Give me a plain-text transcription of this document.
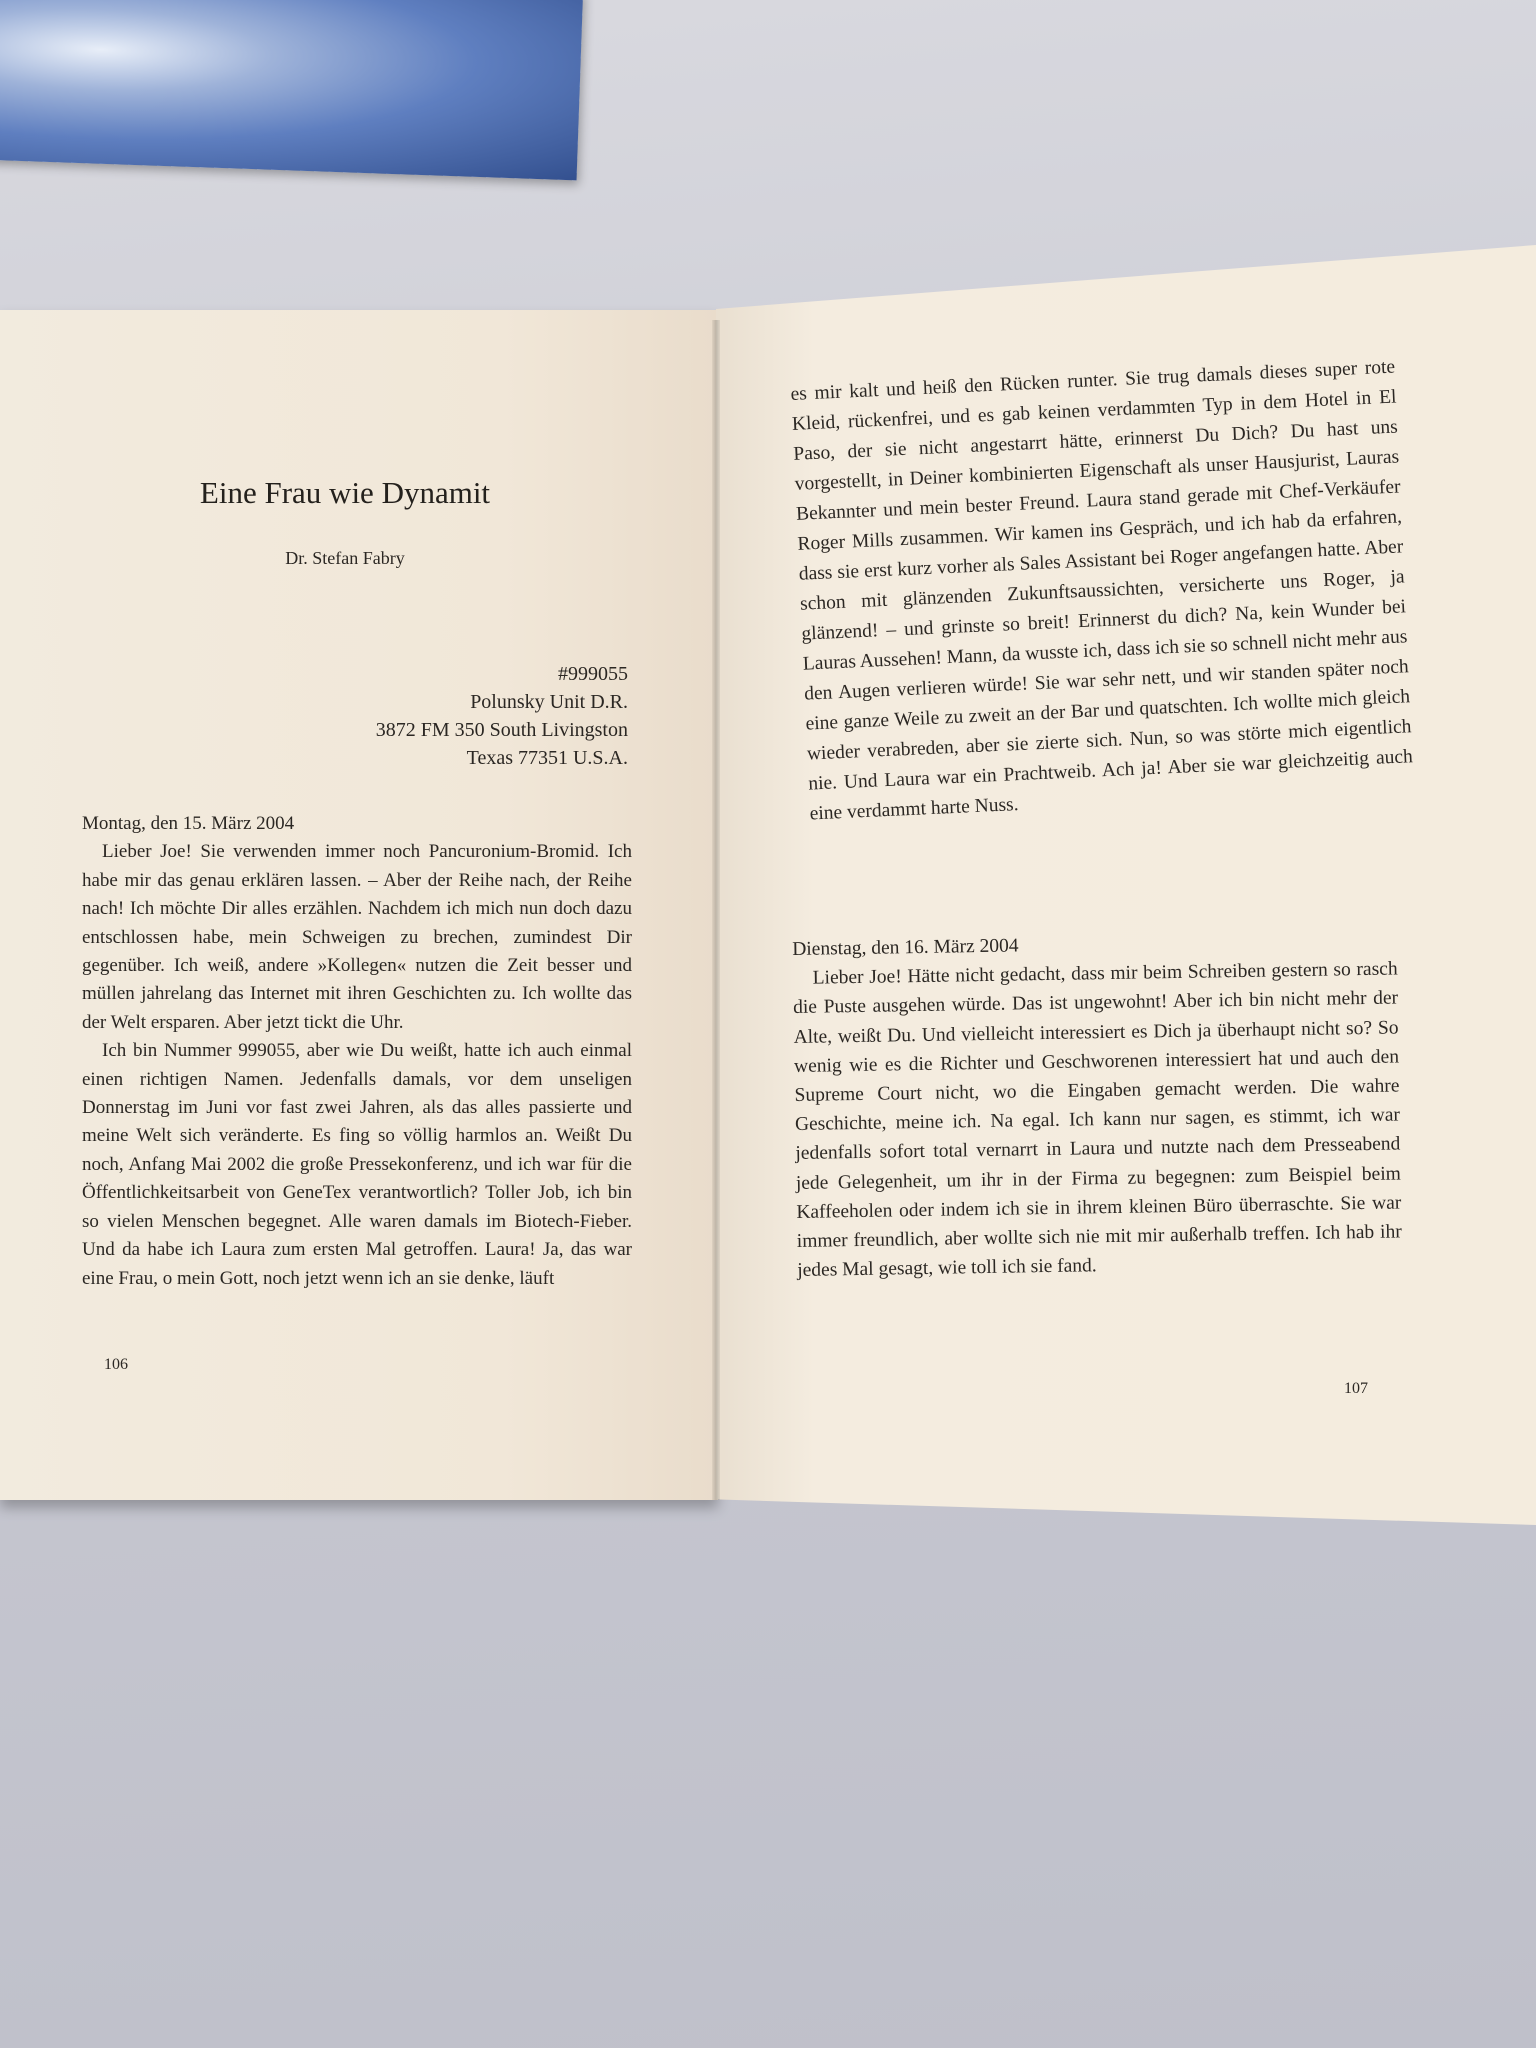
Eine Frau wie Dynamit
Dr. Stefan Fabry
#999055
Polunsky Unit D.R.
3872 FM 350 South Livingston
Texas 77351 U.S.A.

Montag, den 15. März 2004

Lieber Joe! Sie verwenden immer noch Pancuronium-Bromid. Ich habe mir das genau erklären lassen. – Aber der Reihe nach, der Reihe nach! Ich möchte Dir alles erzählen. Nachdem ich mich nun doch dazu entschlossen habe, mein Schweigen zu brechen, zumindest Dir gegenüber. Ich weiß, andere »Kollegen« nutzen die Zeit besser und müllen jahrelang das Internet mit ihren Geschichten zu. Ich wollte das der Welt ersparen. Aber jetzt tickt die Uhr.

Ich bin Nummer 999055, aber wie Du weißt, hatte ich auch einmal einen richtigen Namen. Jedenfalls damals, vor dem unseligen Donnerstag im Juni vor fast zwei Jahren, als das alles passierte und meine Welt sich veränderte. Es fing so völlig harmlos an. Weißt Du noch, Anfang Mai 2002 die große Pressekonferenz, und ich war für die Öffentlichkeitsarbeit von GeneTex verantwortlich? Toller Job, ich bin so vielen Menschen begegnet. Alle waren damals im Biotech-Fieber. Und da habe ich Laura zum ersten Mal getroffen. Laura! Ja, das war eine Frau, o mein Gott, noch jetzt wenn ich an sie denke, läuft

106

es mir kalt und heiß den Rücken runter. Sie trug damals dieses super rote Kleid, rückenfrei, und es gab keinen verdammten Typ in dem Hotel in El Paso, der sie nicht angestarrt hätte, erinnerst Du Dich? Du hast uns vorgestellt, in Deiner kombinierten Eigenschaft als unser Hausjurist, Lauras Bekannter und mein bester Freund. Laura stand gerade mit Chef-Verkäufer Roger Mills zusammen. Wir kamen ins Gespräch, und ich hab da erfahren, dass sie erst kurz vorher als Sales Assistant bei Roger angefangen hatte. Aber schon mit glänzenden Zukunftsaussichten, versicherte uns Roger, ja glänzend! – und grinste so breit! Erinnerst du dich? Na, kein Wunder bei Lauras Aussehen! Mann, da wusste ich, dass ich sie so schnell nicht mehr aus den Augen verlieren würde! Sie war sehr nett, und wir standen später noch eine ganze Weile zu zweit an der Bar und quatschten. Ich wollte mich gleich wieder verabreden, aber sie zierte sich. Nun, so was störte mich eigentlich nie. Und Laura war ein Prachtweib. Ach ja! Aber sie war gleichzeitig auch eine verdammt harte Nuss.

Dienstag, den 16. März 2004

Lieber Joe! Hätte nicht gedacht, dass mir beim Schreiben gestern so rasch die Puste ausgehen würde. Das ist ungewohnt! Aber ich bin nicht mehr der Alte, weißt Du. Und vielleicht interessiert es Dich ja überhaupt nicht so? So wenig wie es die Richter und Geschworenen interessiert hat und auch den Supreme Court nicht, wo die Eingaben gemacht werden. Die wahre Geschichte, meine ich. Na egal. Ich kann nur sagen, es stimmt, ich war jedenfalls sofort total vernarrt in Laura und nutzte nach dem Presseabend jede Gelegenheit, um ihr in der Firma zu begegnen: zum Beispiel beim Kaffeeholen oder indem ich sie in ihrem kleinen Büro überraschte. Sie war immer freundlich, aber wollte sich nie mit mir außerhalb treffen. Ich hab ihr jedes Mal gesagt, wie toll ich sie fand.

107
